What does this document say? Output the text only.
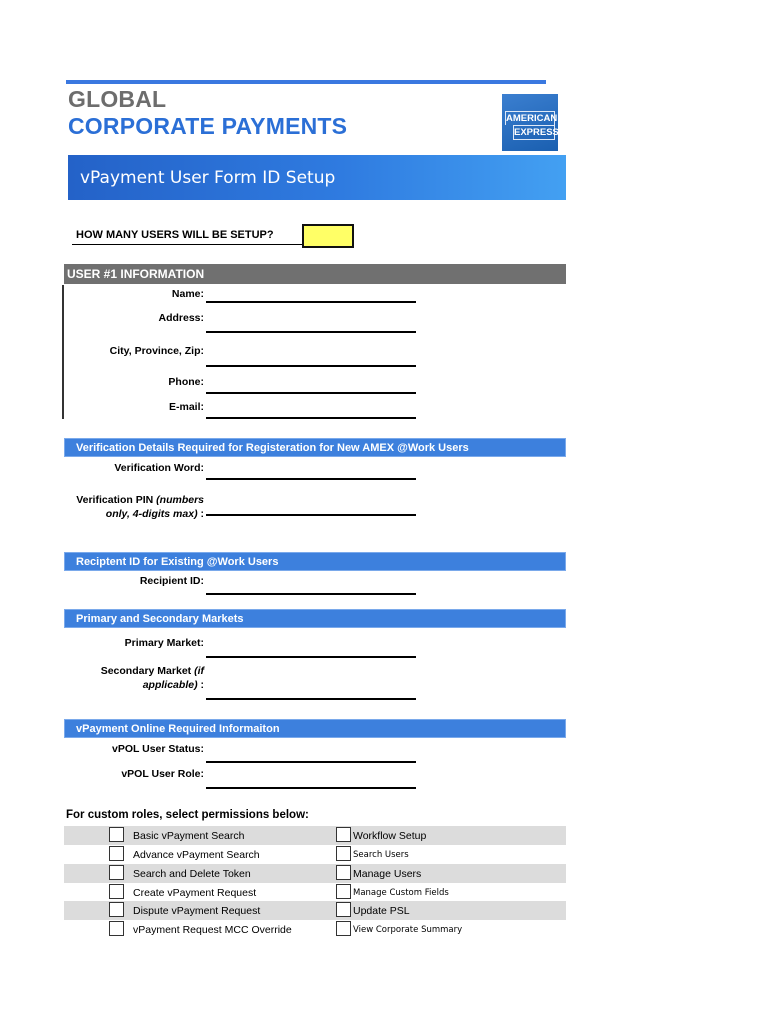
GLOBAL
CORPORATE PAYMENTS	AMERICAN
EXPRESS
vPayment User Form ID Setup
HOW MANY USERS WILL BE SETUP?
USER #1 INFORMATION
Name:
Address:
City, Province, Zip:
Phone:
E-mail:
Verification Details Required for Registeration for New AMEX @Work Users
Verification Word:
Verification PIN (numbers
only, 4-digits max) :
Reciptent ID for Existing @Work Users
Recipient ID:
Primary and Secondary Markets
Primary Market:
Secondary Market (if
applicable) :
vPayment Online Required Informaiton
vPOL User Status:
vPOL User Role:
For custom roles, select permissions below:
Basic vPayment Search
Advance vPayment Search
Search and Delete Token
Create vPayment Request
Dispute vPayment Request
vPayment Request MCC Override
Workflow Setup
Search Users
Manage Users
Manage Custom Fields
Update PSL
View Corporate Summary
